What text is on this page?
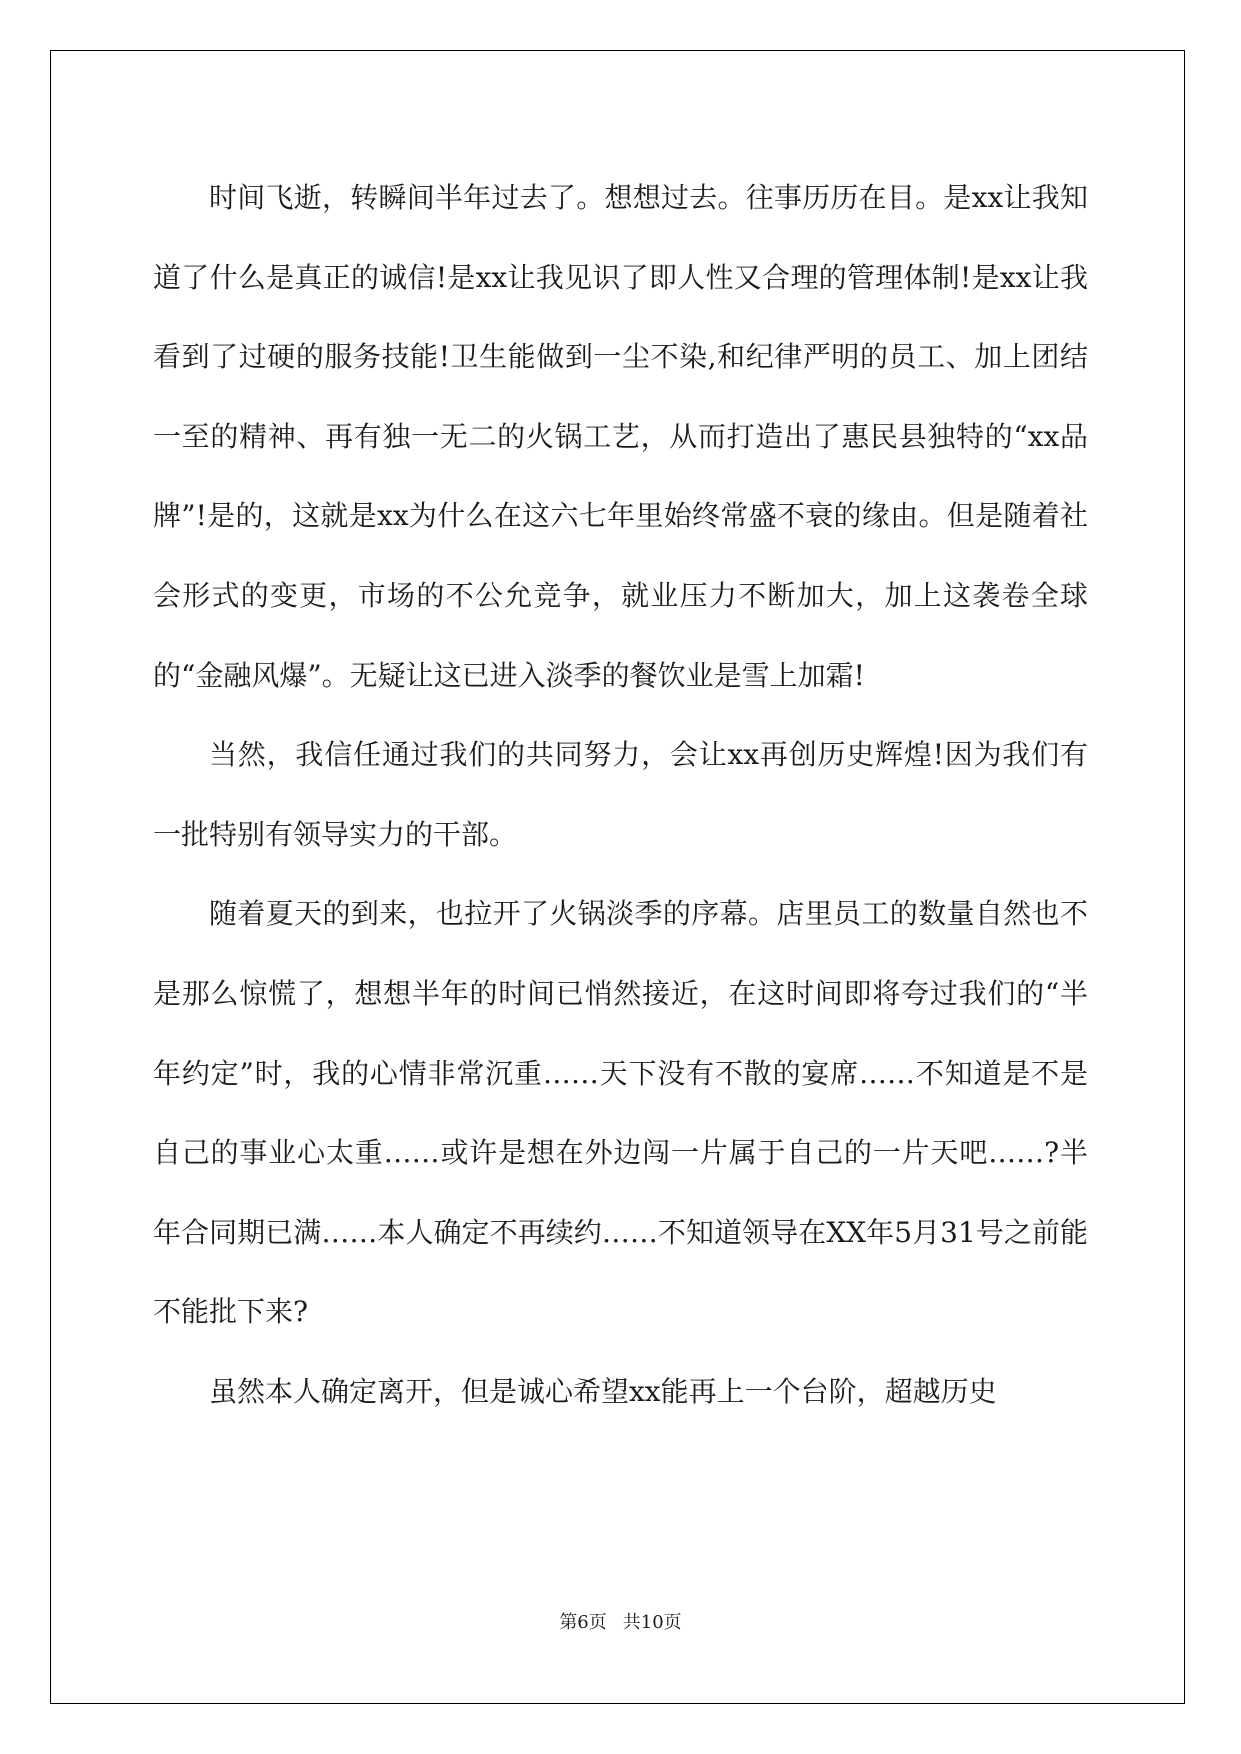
时间飞逝，转瞬间半年过去了。想想过去。往事历历在目。是xx让我知道了什么是真正的诚信!是xx让我见识了即人性又合理的管理体制!是xx让我看到了过硬的服务技能!卫生能做到一尘不染,和纪律严明的员工、加上团结一至的精神、再有独一无二的火锅工艺，从而打造出了惠民县独特的“xx品牌”!是的，这就是xx为什么在这六七年里始终常盛不衰的缘由。但是随着社会形式的变更，市场的不公允竞争，就业压力不断加大，加上这袭卷全球的“金融风爆”。无疑让这已进入淡季的餐饮业是雪上加霜!

当然，我信任通过我们的共同努力，会让xx再创历史辉煌!因为我们有一批特别有领导实力的干部。

随着夏天的到来，也拉开了火锅淡季的序幕。店里员工的数量自然也不是那么惊慌了，想想半年的时间已悄然接近，在这时间即将夸过我们的“半年约定”时，我的心情非常沉重……天下没有不散的宴席……不知道是不是自己的事业心太重……或许是想在外边闯一片属于自己的一片天吧……?半年合同期已满……本人确定不再续约……不知道领导在XX年5月31号之前能不能批下来?

虽然本人确定离开，但是诚心希望xx能再上一个台阶，超越历史

第6页 共10页
